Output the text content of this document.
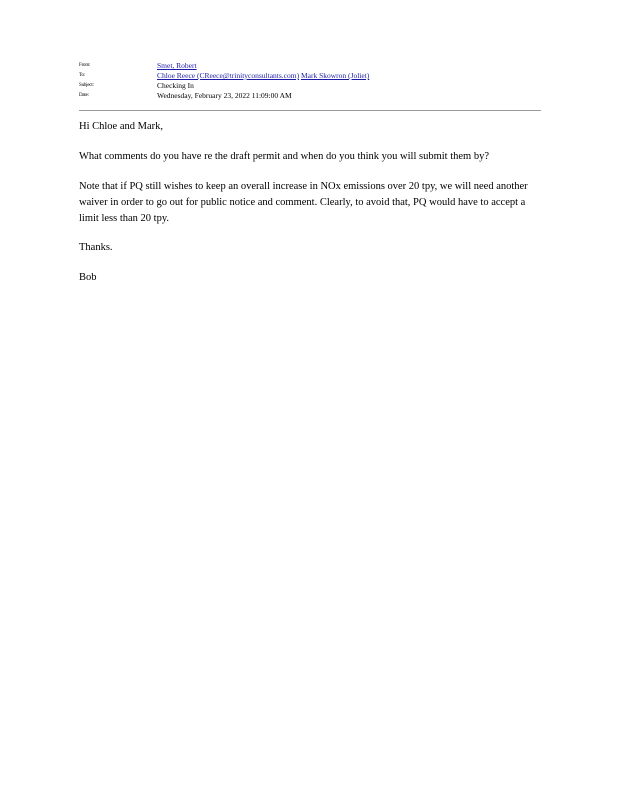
From:	Smet, Robert
To:	Chloe Reece (CReece@trinityconsultants.com) Mark Skowron (Joliet)
Subject:	Checking In
Date:	Wednesday, February 23, 2022 11:09:00 AM
Hi Chloe and Mark,
What comments do you have re the draft permit and when do you think you will submit them by?
Note that if PQ still wishes to keep an overall increase in NOx emissions over 20 tpy, we will need another waiver in order to go out for public notice and comment. Clearly, to avoid that, PQ would have to accept a limit less than 20 tpy.
Thanks.
Bob
